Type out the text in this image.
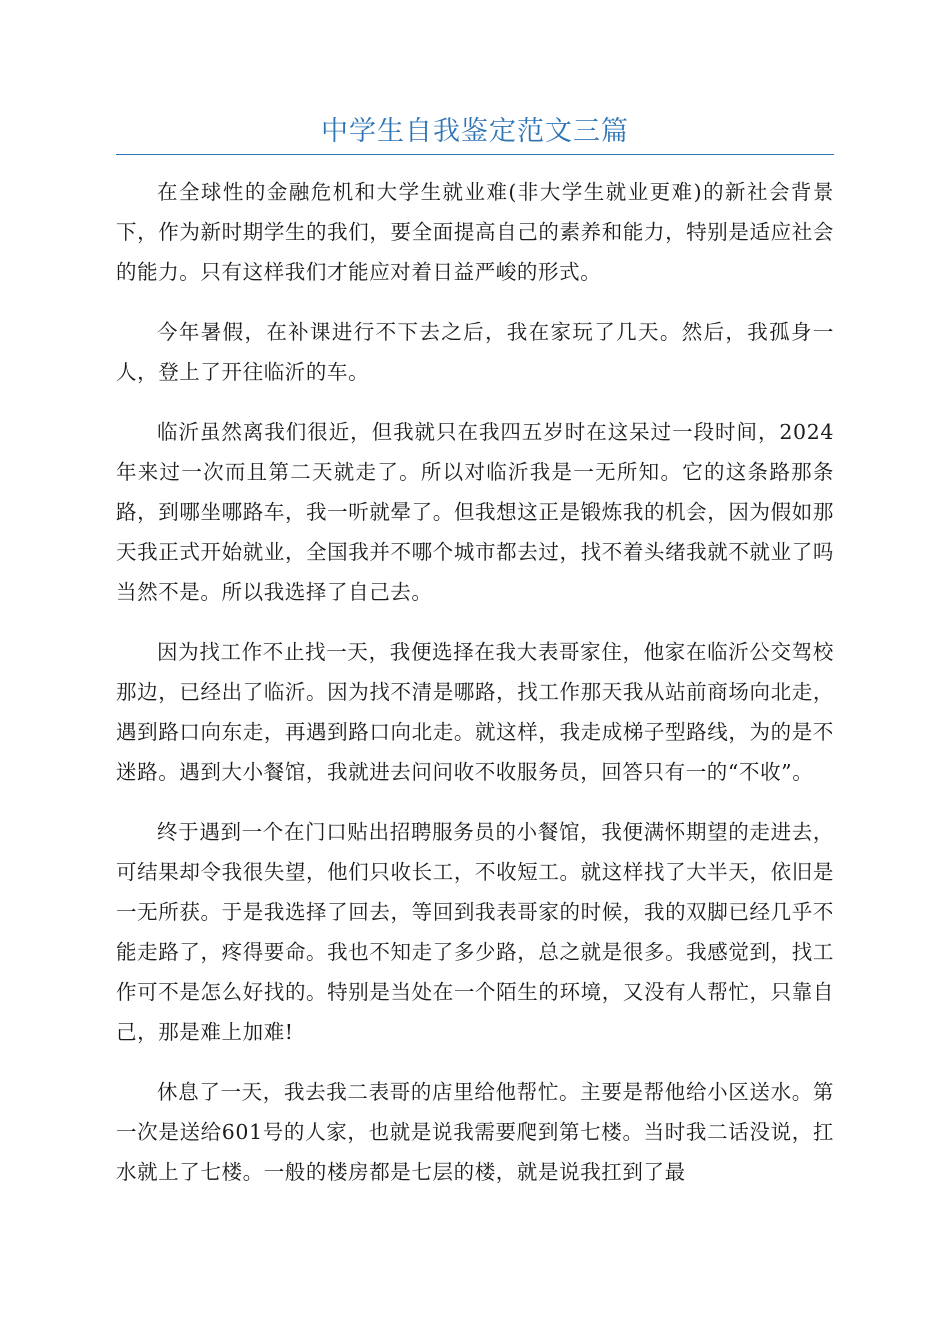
中学生自我鉴定范文三篇

在全球性的金融危机和大学生就业难(非大学生就业更难)的新社会背景下，作为新时期学生的我们，要全面提高自己的素养和能力，特别是适应社会的能力。只有这样我们才能应对着日益严峻的形式。

今年暑假，在补课进行不下去之后，我在家玩了几天。然后，我孤身一人，登上了开往临沂的车。

临沂虽然离我们很近，但我就只在我四五岁时在这呆过一段时间，2024年来过一次而且第二天就走了。所以对临沂我是一无所知。它的这条路那条路，到哪坐哪路车，我一听就晕了。但我想这正是锻炼我的机会，因为假如那天我正式开始就业，全国我并不哪个城市都去过，找不着头绪我就不就业了吗当然不是。所以我选择了自己去。

因为找工作不止找一天，我便选择在我大表哥家住，他家在临沂公交驾校那边，已经出了临沂。因为找不清是哪路，找工作那天我从站前商场向北走，遇到路口向东走，再遇到路口向北走。就这样，我走成梯子型路线，为的是不迷路。遇到大小餐馆，我就进去问问收不收服务员，回答只有一的“不收”。

终于遇到一个在门口贴出招聘服务员的小餐馆，我便满怀期望的走进去，可结果却令我很失望，他们只收长工，不收短工。就这样找了大半天，依旧是一无所获。于是我选择了回去，等回到我表哥家的时候，我的双脚已经几乎不能走路了，疼得要命。我也不知走了多少路，总之就是很多。我感觉到，找工作可不是怎么好找的。特别是当处在一个陌生的环境，又没有人帮忙，只靠自己，那是难上加难!

休息了一天，我去我二表哥的店里给他帮忙。主要是帮他给小区送水。第一次是送给601号的人家，也就是说我需要爬到第七楼。当时我二话没说，扛水就上了七楼。一般的楼房都是七层的楼，就是说我扛到了最
